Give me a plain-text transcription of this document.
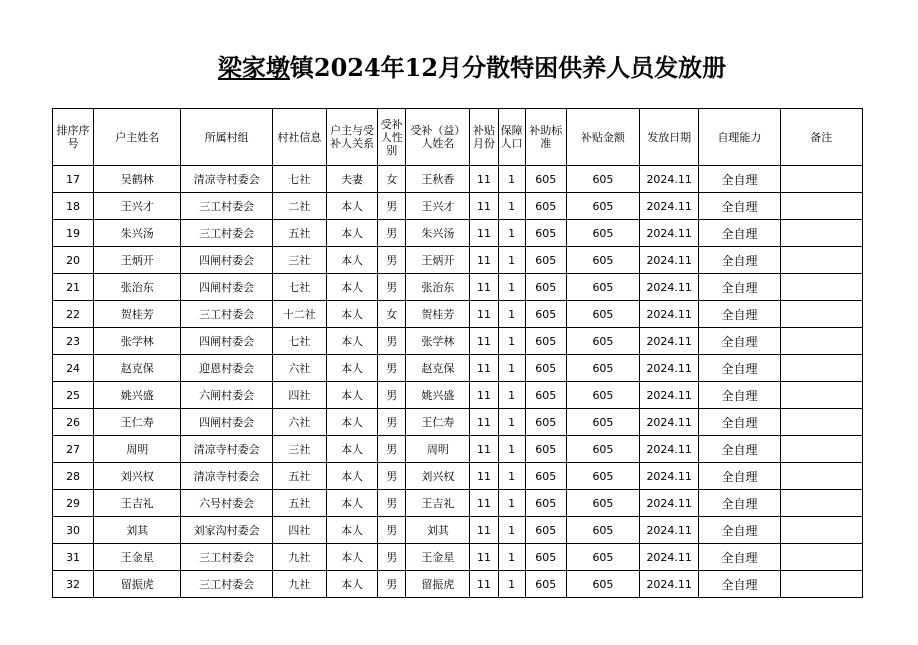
梁家墩镇2024年12月分散特困供养人员发放册
排序序号	户主姓名	所属村组	村社信息	户主与受补人关系	受补人性别	受补（益）人姓名	补贴月份	保障人口	补助标准	补贴金额	发放日期	自理能力	备注
17	吴鹤林	清凉寺村委会	七社	夫妻	女	王秋香	11	1	605	605	2024.11	全自理	
18	王兴才	三工村委会	二社	本人	男	王兴才	11	1	605	605	2024.11	全自理	
19	朱兴汤	三工村委会	五社	本人	男	朱兴汤	11	1	605	605	2024.11	全自理	
20	王炳开	四闸村委会	三社	本人	男	王炳开	11	1	605	605	2024.11	全自理	
21	张治东	四闸村委会	七社	本人	男	张治东	11	1	605	605	2024.11	全自理	
22	贺桂芳	三工村委会	十二社	本人	女	贺桂芳	11	1	605	605	2024.11	全自理	
23	张学林	四闸村委会	七社	本人	男	张学林	11	1	605	605	2024.11	全自理	
24	赵克保	迎恩村委会	六社	本人	男	赵克保	11	1	605	605	2024.11	全自理	
25	姚兴盛	六闸村委会	四社	本人	男	姚兴盛	11	1	605	605	2024.11	全自理	
26	王仁寿	四闸村委会	六社	本人	男	王仁寿	11	1	605	605	2024.11	全自理	
27	周明	清凉寺村委会	三社	本人	男	周明	11	1	605	605	2024.11	全自理	
28	刘兴权	清凉寺村委会	五社	本人	男	刘兴权	11	1	605	605	2024.11	全自理	
29	王吉礼	六号村委会	五社	本人	男	王吉礼	11	1	605	605	2024.11	全自理	
30	刘其	刘家沟村委会	四社	本人	男	刘其	11	1	605	605	2024.11	全自理	
31	王金星	三工村委会	九社	本人	男	王金星	11	1	605	605	2024.11	全自理	
32	留振虎	三工村委会	九社	本人	男	留振虎	11	1	605	605	2024.11	全自理	
